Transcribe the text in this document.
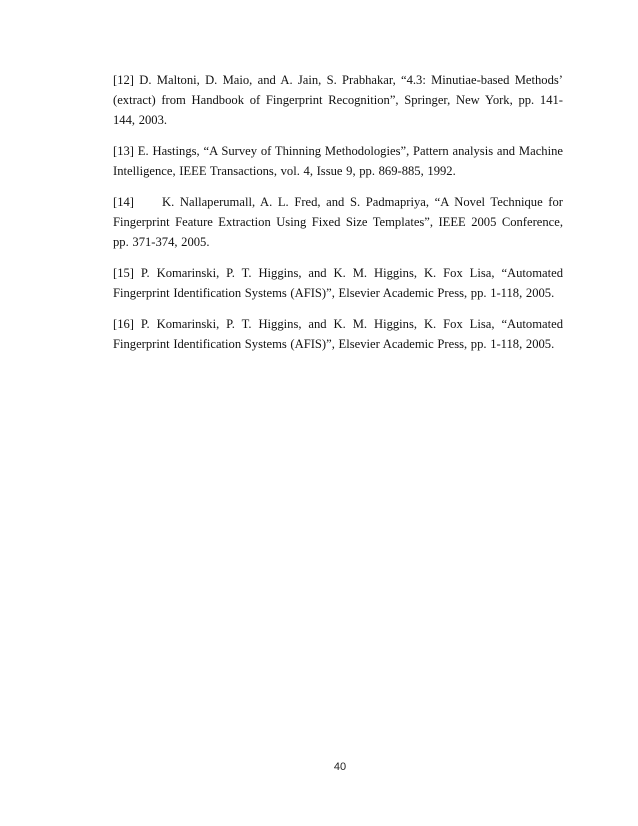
[12] D. Maltoni, D. Maio, and A. Jain, S. Prabhakar, “4.3: Minutiae-based Methods’ (extract) from Handbook of Fingerprint Recognition”, Springer, New York, pp. 141-144, 2003.

[13] E. Hastings, “A Survey of Thinning Methodologies”, Pattern analysis and Machine Intelligence, IEEE Transactions, vol. 4, Issue 9, pp. 869-885, 1992.

[14]     K. Nallaperumall, A. L. Fred, and S. Padmapriya, “A Novel Technique for Fingerprint Feature Extraction Using Fixed Size Templates”, IEEE 2005 Conference, pp. 371-374, 2005.

[15] P. Komarinski, P. T. Higgins, and K. M. Higgins, K. Fox Lisa, “Automated Fingerprint Identification Systems (AFIS)”, Elsevier Academic Press, pp. 1-118, 2005.

[16] P. Komarinski, P. T. Higgins, and K. M. Higgins, K. Fox Lisa, “Automated Fingerprint Identification Systems (AFIS)”, Elsevier Academic Press, pp. 1-118, 2005.

40
